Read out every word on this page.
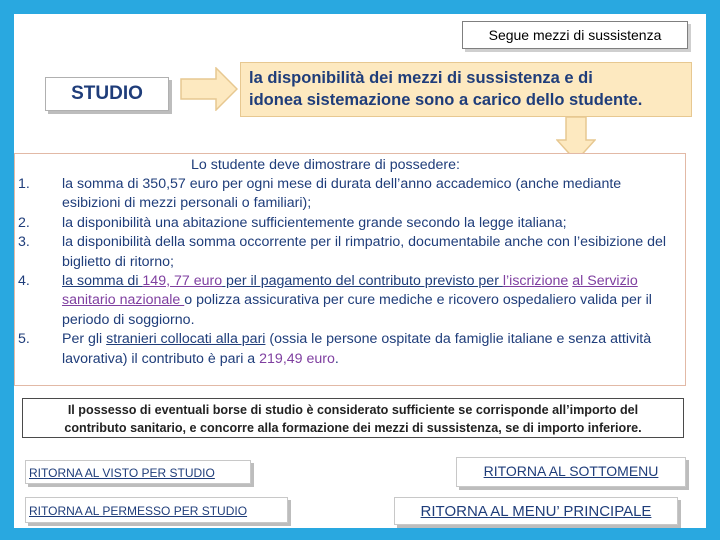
Segue mezzi di sussistenza
STUDIO
la disponibilità dei mezzi di sussistenza e di
idonea sistemazione sono a carico dello studente.
Lo studente deve dimostrare di possedere:
1. la somma di 350,57 euro per ogni mese di durata dell’anno accademico (anche mediante esibizioni di mezzi personali o familiari);
2. la disponibilità una abitazione sufficientemente grande secondo la legge italiana;
3. la disponibilità della somma occorrente per il rimpatrio, documentabile anche con l’esibizione del biglietto di ritorno;
4. la somma di 149, 77 euro per il pagamento del contributo previsto per l’iscrizione al Servizio sanitario nazionale o polizza assicurativa per cure mediche e ricovero ospedaliero valida per il periodo di soggiorno.
5. Per gli stranieri collocati alla pari (ossia le persone ospitate da famiglie italiane e senza attività lavorativa) il contributo è pari a 219,49 euro.
Il possesso di eventuali borse di studio è considerato sufficiente se corrisponde all’importo del
contributo sanitario, e concorre alla formazione dei mezzi di sussistenza, se di importo inferiore.
RITORNA AL VISTO PER STUDIO	RITORNA AL SOTTOMENU
RITORNA AL PERMESSO PER STUDIO	RITORNA AL MENU’ PRINCIPALE
